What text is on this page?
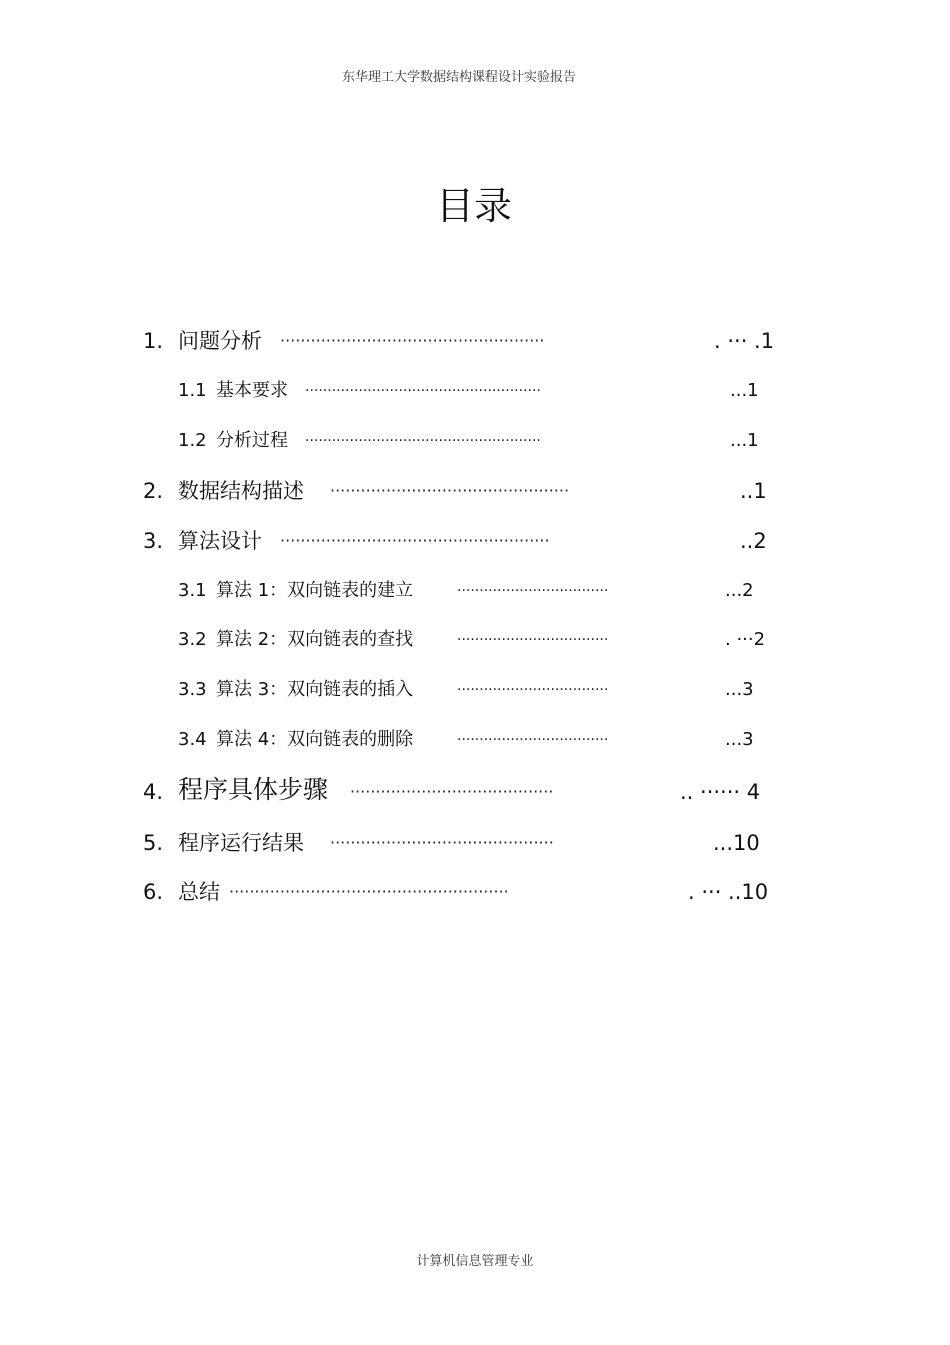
东华理工大学数据结构课程设计实验报告
目录
1. 问题分析 ····················································	. ··· .1
1.1 基本要求 ·····················································	...1
1.2 分析过程 ·····················································	...1
2. 数据结构描述 ···············································	..1
3. 算法设计 ·····················································	..2
3.1 算法 1：双向链表的建立	··································	...2
3.2 算法 2：双向链表的查找	··································	. ···2
3.3 算法 3：双向链表的插入	··································	...3
3.4 算法 4：双向链表的删除	··································	...3
4. 程序具体步骤 ········································	.. ······ 4
5. 程序运行结果 ············································	...10
6. 总结 ·······················································	. ··· ..10
计算机信息管理专业
